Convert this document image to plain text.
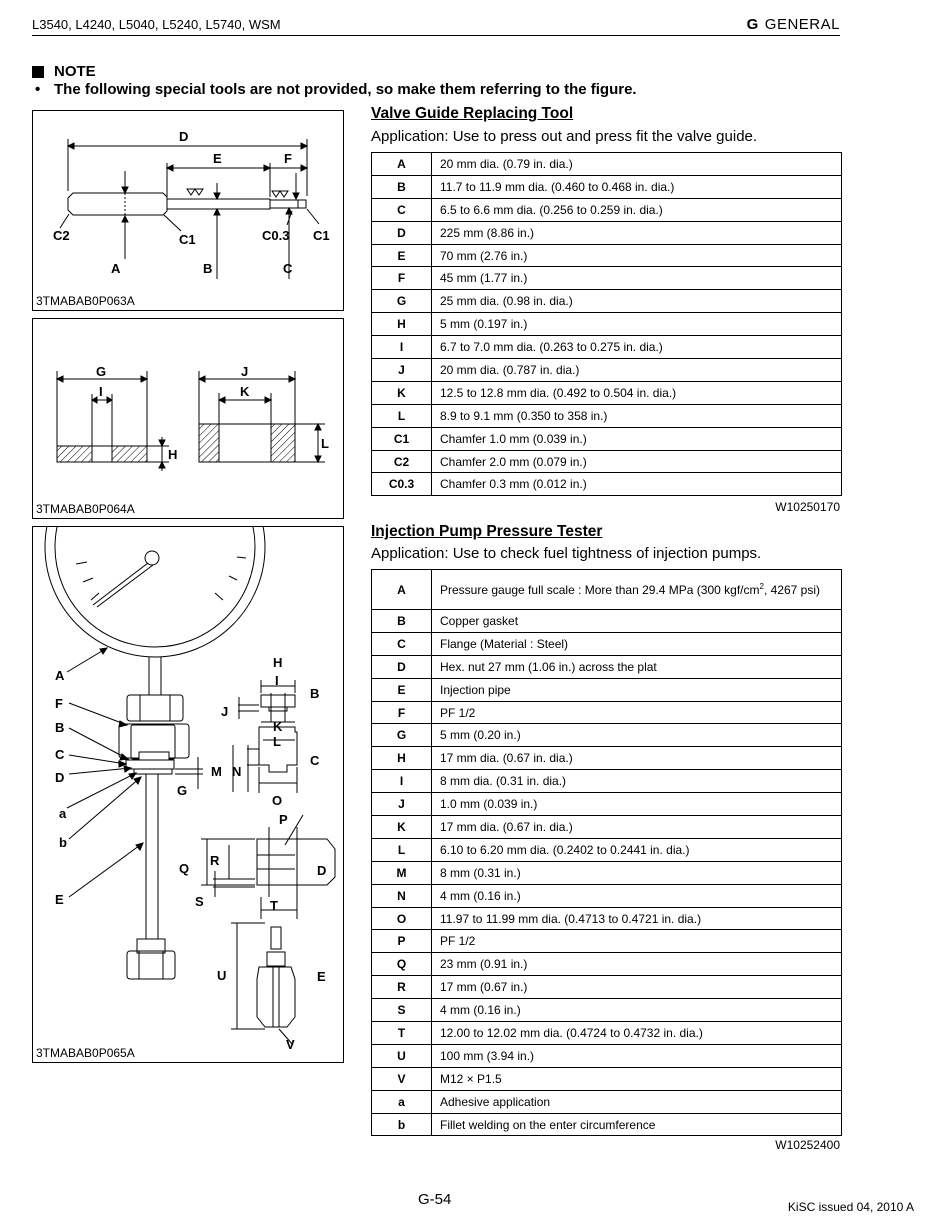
L3540, L4240, L5040, L5240, L5740, WSM	G GENERAL
NOTE
• The following special tools are not provided, so make them referring to the figure.
D
E	F
C2	C1	C0.3 C1
A	B	C
3TMABAB0P063A
G
I
H
J
K
L
3TMABAB0P064A
A
F
B
C
D
a
b
E
H
I
B
J
K
L
C
M N
O
G
P
Q
R
S	T
D
U	E
V
3TMABAB0P065A
Valve Guide Replacing Tool
Application: Use to press out and press fit the valve guide.
A	20 mm dia. (0.79 in. dia.)
B	11.7 to 11.9 mm dia. (0.460 to 0.468 in. dia.)
C	6.5 to 6.6 mm dia. (0.256 to 0.259 in. dia.)
D	225 mm (8.86 in.)
E	70 mm (2.76 in.)
F	45 mm (1.77 in.)
G	25 mm dia. (0.98 in. dia.)
H	5 mm (0.197 in.)
I	6.7 to 7.0 mm dia. (0.263 to 0.275 in. dia.)
J	20 mm dia. (0.787 in. dia.)
K	12.5 to 12.8 mm dia. (0.492 to 0.504 in. dia.)
L	8.9 to 9.1 mm (0.350 to 358 in.)
C1	Chamfer 1.0 mm (0.039 in.)
C2	Chamfer 2.0 mm (0.079 in.)
C0.3	Chamfer 0.3 mm (0.012 in.)
W10250170
Injection Pump Pressure Tester
Application: Use to check fuel tightness of injection pumps.
A	Pressure gauge full scale : More than 29.4 MPa (300 kgf/$cm^2$, 4267 psi)
B	Copper gasket
C	Flange (Material : Steel)
D	Hex. nut 27 mm (1.06 in.) across the plat
E	Injection pipe
F	PF 1/2
G	5 mm (0.20 in.)
H	17 mm dia. (0.67 in. dia.)
I	8 mm dia. (0.31 in. dia.)
J	1.0 mm (0.039 in.)
K	17 mm dia. (0.67 in. dia.)
L	6.10 to 6.20 mm dia. (0.2402 to 0.2441 in. dia.)
M	8 mm (0.31 in.)
N	4 mm (0.16 in.)
O	11.97 to 11.99 mm dia. (0.4713 to 0.4721 in. dia.)
P	PF 1/2
Q	23 mm (0.91 in.)
R	17 mm (0.67 in.)
S	4 mm (0.16 in.)
T	12.00 to 12.02 mm dia. (0.4724 to 0.4732 in. dia.)
U	100 mm (3.94 in.)
V	M12 × P1.5
a	Adhesive application
b	Fillet welding on the enter circumference
W10252400
G-54	KiSC issued 04, 2010 A
